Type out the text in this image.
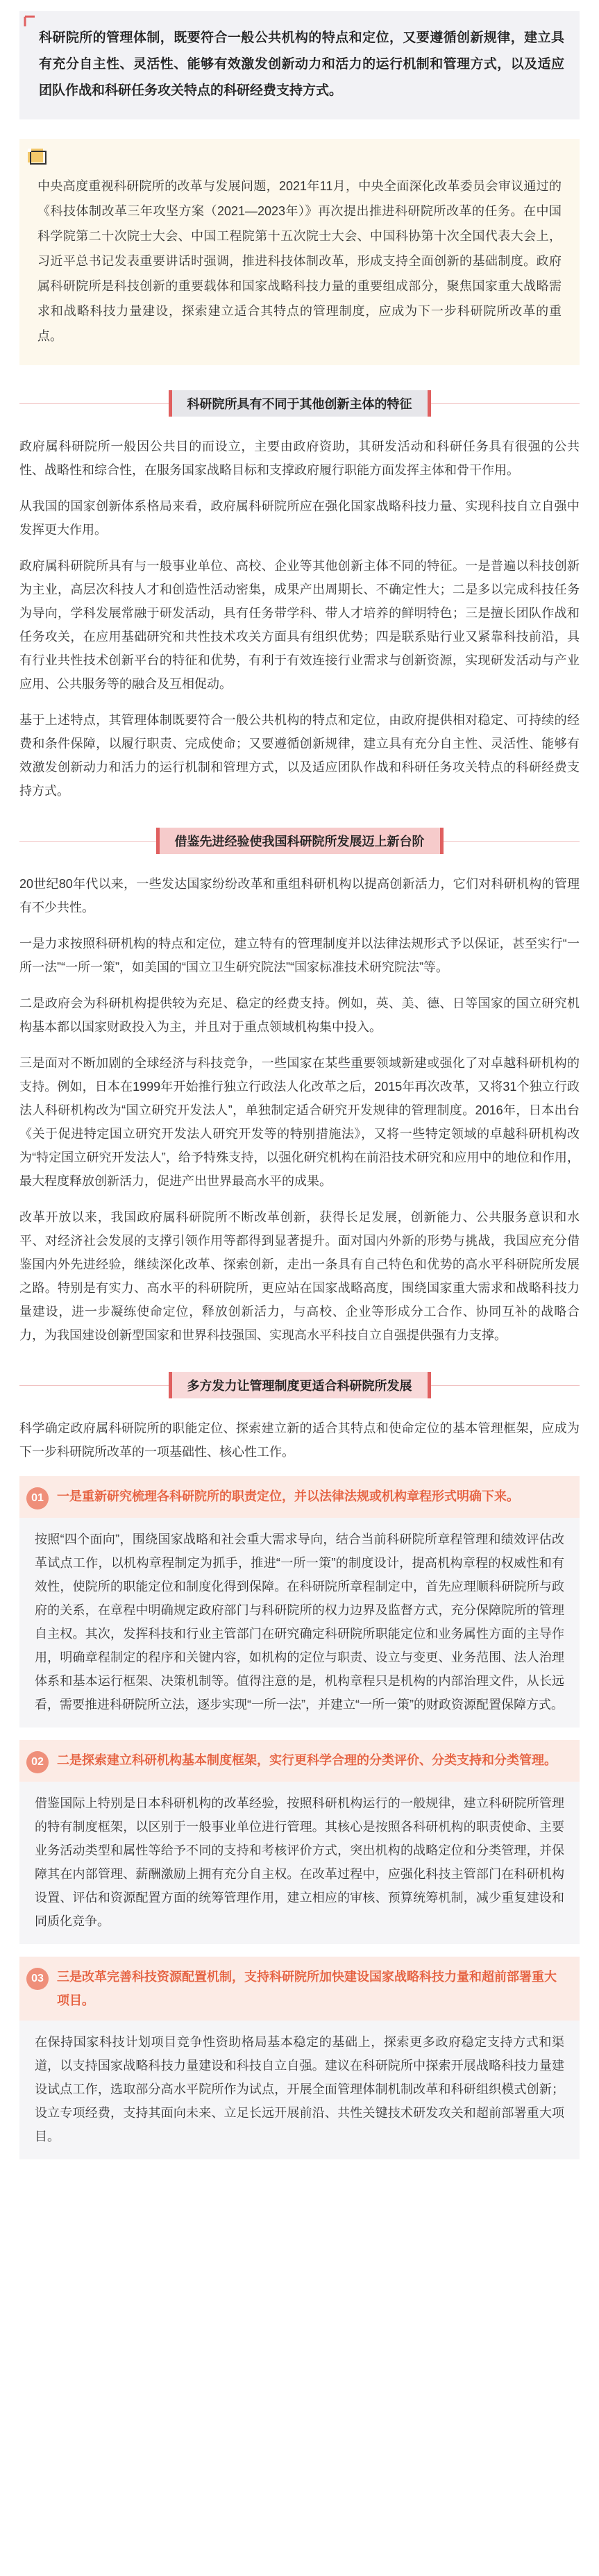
科研院所的管理体制，既要符合一般公共机构的特点和定位，又要遵循创新规律，建立具有充分自主性、灵活性、能够有效激发创新动力和活力的运行机制和管理方式，以及适应团队作战和科研任务攻关特点的科研经费支持方式。
中央高度重视科研院所的改革与发展问题，2021年11月，中央全面深化改革委员会审议通过的《科技体制改革三年攻坚方案（2021—2023年）》再次提出推进科研院所改革的任务。在中国科学院第二十次院士大会、中国工程院第十五次院士大会、中国科协第十次全国代表大会上，习近平总书记发表重要讲话时强调，推进科技体制改革，形成支持全面创新的基础制度。政府属科研院所是科技创新的重要载体和国家战略科技力量的重要组成部分，聚焦国家重大战略需求和战略科技力量建设，探索建立适合其特点的管理制度，应成为下一步科研院所改革的重点。
科研院所具有不同于其他创新主体的特征

政府属科研院所一般因公共目的而设立，主要由政府资助，其研发活动和科研任务具有很强的公共性、战略性和综合性，在服务国家战略目标和支撑政府履行职能方面发挥主体和骨干作用。

从我国的国家创新体系格局来看，政府属科研院所应在强化国家战略科技力量、实现科技自立自强中发挥更大作用。

政府属科研院所具有与一般事业单位、高校、企业等其他创新主体不同的特征。一是普遍以科技创新为主业，高层次科技人才和创造性活动密集，成果产出周期长、不确定性大；二是多以完成科技任务为导向，学科发展常融于研发活动，具有任务带学科、带人才培养的鲜明特色；三是擅长团队作战和任务攻关，在应用基础研究和共性技术攻关方面具有组织优势；四是联系贴行业又紧靠科技前沿，具有行业共性技术创新平台的特征和优势，有利于有效连接行业需求与创新资源，实现研发活动与产业应用、公共服务等的融合及互相促动。

基于上述特点，其管理体制既要符合一般公共机构的特点和定位，由政府提供相对稳定、可持续的经费和条件保障，以履行职责、完成使命；又要遵循创新规律，建立具有充分自主性、灵活性、能够有效激发创新动力和活力的运行机制和管理方式，以及适应团队作战和科研任务攻关特点的科研经费支持方式。

借鉴先进经验使我国科研院所发展迈上新台阶

20世纪80年代以来，一些发达国家纷纷改革和重组科研机构以提高创新活力，它们对科研机构的管理有不少共性。

一是力求按照科研机构的特点和定位，建立特有的管理制度并以法律法规形式予以保证，甚至实行“一所一法”“一所一策”，如美国的“国立卫生研究院法”“国家标准技术研究院法”等。

二是政府会为科研机构提供较为充足、稳定的经费支持。例如，英、美、德、日等国家的国立研究机构基本都以国家财政投入为主，并且对于重点领域机构集中投入。

三是面对不断加剧的全球经济与科技竞争，一些国家在某些重要领域新建或强化了对卓越科研机构的支持。例如，日本在1999年开始推行独立行政法人化改革之后，2015年再次改革，又将31个独立行政法人科研机构改为“国立研究开发法人”，单独制定适合研究开发规律的管理制度。2016年，日本出台《关于促进特定国立研究开发法人研究开发等的特别措施法》，又将一些特定领域的卓越科研机构改为“特定国立研究开发法人”，给予特殊支持，以强化研究机构在前沿技术研究和应用中的地位和作用，最大程度释放创新活力，促进产出世界最高水平的成果。

改革开放以来，我国政府属科研院所不断改革创新，获得长足发展，创新能力、公共服务意识和水平、对经济社会发展的支撑引领作用等都得到显著提升。面对国内外新的形势与挑战，我国应充分借鉴国内外先进经验，继续深化改革、探索创新，走出一条具有自己特色和优势的高水平科研院所发展之路。特别是有实力、高水平的科研院所，更应站在国家战略高度，围绕国家重大需求和战略科技力量建设，进一步凝练使命定位，释放创新活力，与高校、企业等形成分工合作、协同互补的战略合力，为我国建设创新型国家和世界科技强国、实现高水平科技自立自强提供强有力支撑。

多方发力让管理制度更适合科研院所发展

科学确定政府属科研院所的职能定位、探索建立新的适合其特点和使命定位的基本管理框架，应成为下一步科研院所改革的一项基础性、核心性工作。

01	一是重新研究梳理各科研院所的职责定位，并以法律法规或机构章程形式明确下来。
按照“四个面向”，围绕国家战略和社会重大需求导向，结合当前科研院所章程管理和绩效评估改革试点工作，以机构章程制定为抓手，推进“一所一策”的制度设计，提高机构章程的权威性和有效性，使院所的职能定位和制度化得到保障。在科研院所章程制定中，首先应理顺科研院所与政府的关系，在章程中明确规定政府部门与科研院所的权力边界及监督方式，充分保障院所的管理自主权。其次，发挥科技和行业主管部门在研究确定科研院所职能定位和业务属性方面的主导作用，明确章程制定的程序和关键内容，如机构的定位与职责、设立与变更、业务范围、法人治理体系和基本运行框架、决策机制等。值得注意的是，机构章程只是机构的内部治理文件，从长远看，需要推进科研院所立法，逐步实现“一所一法”，并建立“一所一策”的财政资源配置保障方式。
02	二是探索建立科研机构基本制度框架，实行更科学合理的分类评价、分类支持和分类管理。
借鉴国际上特别是日本科研机构的改革经验，按照科研机构运行的一般规律，建立科研院所管理的特有制度框架，以区别于一般事业单位进行管理。其核心是按照各科研机构的职责使命、主要业务活动类型和属性等给予不同的支持和考核评价方式，突出机构的战略定位和分类管理，并保障其在内部管理、薪酬激励上拥有充分自主权。在改革过程中，应强化科技主管部门在科研机构设置、评估和资源配置方面的统筹管理作用，建立相应的审核、预算统筹机制，减少重复建设和同质化竞争。
03	三是改革完善科技资源配置机制，支持科研院所加快建设国家战略科技力量和超前部署重大项目。
在保持国家科技计划项目竞争性资助格局基本稳定的基础上，探索更多政府稳定支持方式和渠道，以支持国家战略科技力量建设和科技自立自强。建议在科研院所中探索开展战略科技力量建设试点工作，选取部分高水平院所作为试点，开展全面管理体制机制改革和科研组织模式创新；设立专项经费，支持其面向未来、立足长远开展前沿、共性关键技术研发攻关和超前部署重大项目。
